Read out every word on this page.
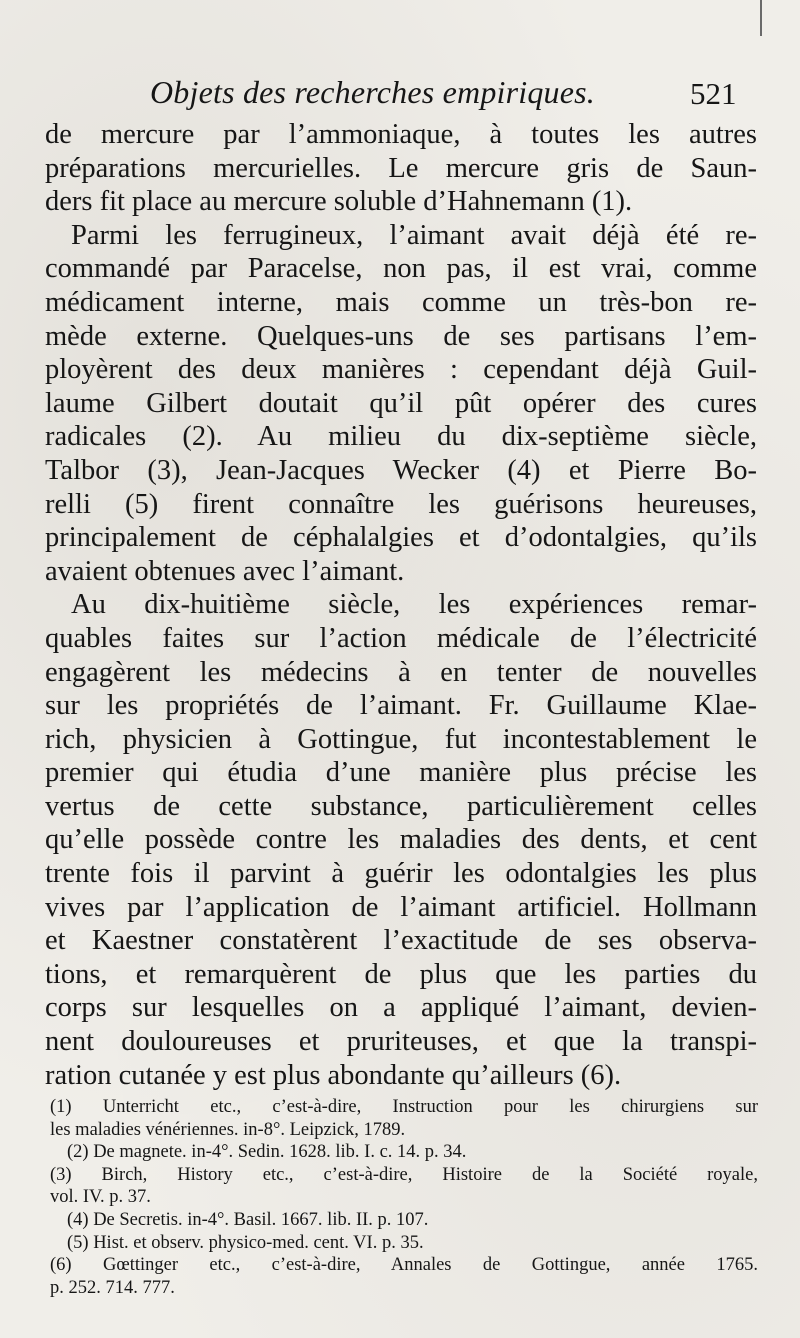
Objets des recherches empiriques.	521
de mercure par l’ammoniaque, à toutes les autres
préparations mercurielles. Le mercure gris de Saun-
ders fit place au mercure soluble d’Hahnemann (1).
Parmi les ferrugineux, l’aimant avait déjà été re-
commandé par Paracelse, non pas, il est vrai, comme
médicament interne, mais comme un très-bon re-
mède externe. Quelques-uns de ses partisans l’em-
ployèrent des deux manières : cependant déjà Guil-
laume Gilbert doutait qu’il pût opérer des cures
radicales (2). Au milieu du dix-septième siècle,
Talbor (3), Jean-Jacques Wecker (4) et Pierre Bo-
relli (5) firent connaître les guérisons heureuses,
principalement de céphalalgies et d’odontalgies, qu’ils
avaient obtenues avec l’aimant.
Au dix-huitième siècle, les expériences remar-
quables faites sur l’action médicale de l’électricité
engagèrent les médecins à en tenter de nouvelles
sur les propriétés de l’aimant. Fr. Guillaume Klae-
rich, physicien à Gottingue, fut incontestablement le
premier qui étudia d’une manière plus précise les
vertus de cette substance, particulièrement celles
qu’elle possède contre les maladies des dents, et cent
trente fois il parvint à guérir les odontalgies les plus
vives par l’application de l’aimant artificiel. Hollmann
et Kaestner constatèrent l’exactitude de ses observa-
tions, et remarquèrent de plus que les parties du
corps sur lesquelles on a appliqué l’aimant, devien-
nent douloureuses et pruriteuses, et que la transpi-
ration cutanée y est plus abondante qu’ailleurs (6).
(1) Unterricht etc., c’est-à-dire, Instruction pour les chirurgiens sur
les maladies vénériennes. in-8°. Leipzick, 1789.
(2) De magnete. in-4°. Sedin. 1628. lib. I. c. 14. p. 34.
(3) Birch, History etc., c’est-à-dire, Histoire de la Société royale,
vol. IV. p. 37.
(4) De Secretis. in-4°. Basil. 1667. lib. II. p. 107.
(5) Hist. et observ. physico-med. cent. VI. p. 35.
(6) Gœttinger etc., c’est-à-dire, Annales de Gottingue, année 1765.
p. 252. 714. 777.
